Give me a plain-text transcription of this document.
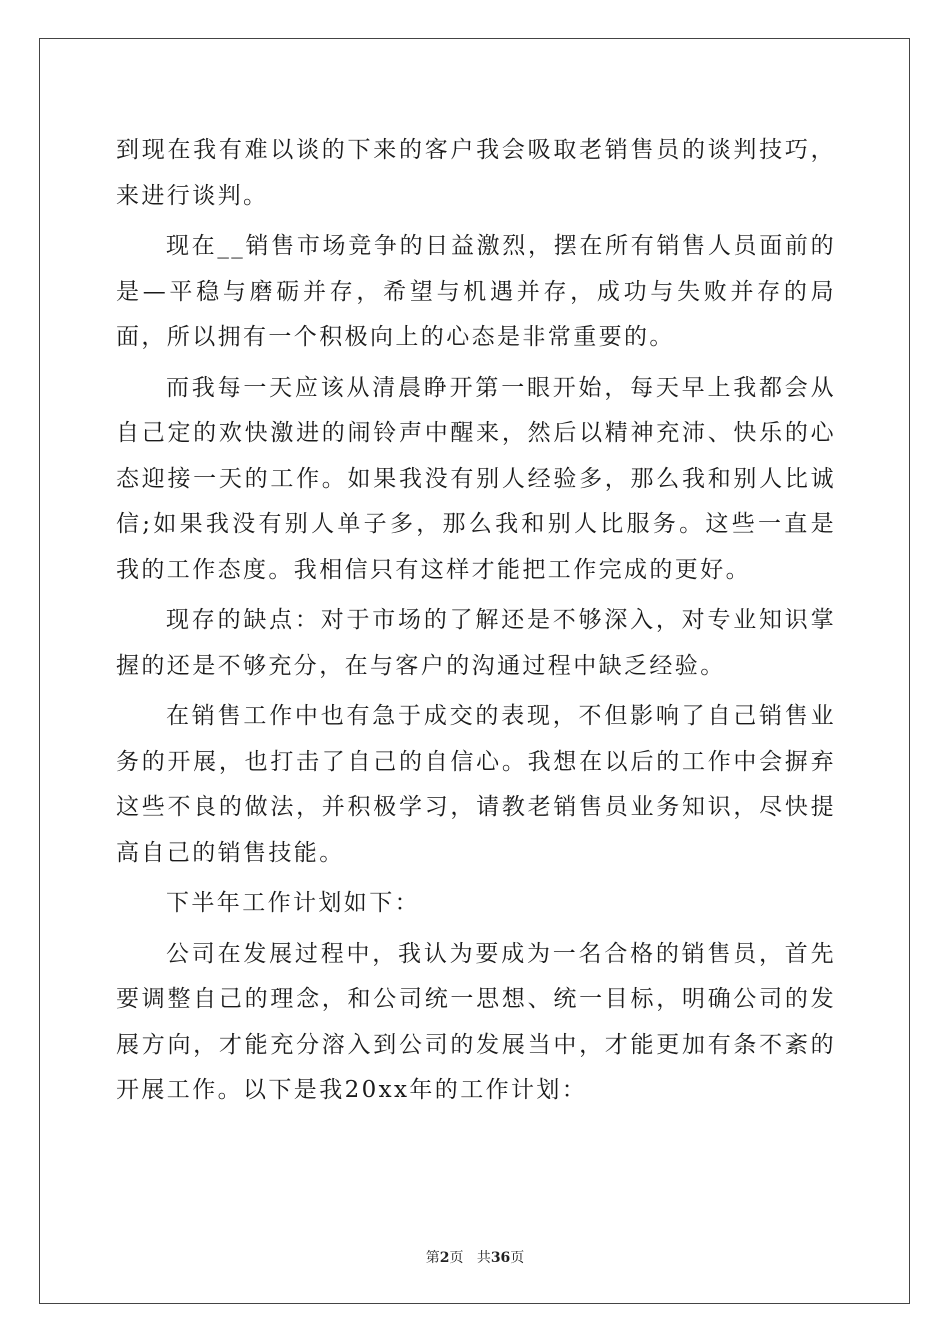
到现在我有难以谈的下来的客户我会吸取老销售员的谈判技巧，来进行谈判。

现在__销售市场竞争的日益激烈，摆在所有销售人员面前的是—平稳与磨砺并存，希望与机遇并存，成功与失败并存的局面，所以拥有一个积极向上的心态是非常重要的。

而我每一天应该从清晨睁开第一眼开始，每天早上我都会从自己定的欢快激进的闹铃声中醒来，然后以精神充沛、快乐的心态迎接一天的工作。如果我没有别人经验多，那么我和别人比诚信;如果我没有别人单子多，那么我和别人比服务。这些一直是我的工作态度。我相信只有这样才能把工作完成的更好。

现存的缺点：对于市场的了解还是不够深入，对专业知识掌握的还是不够充分，在与客户的沟通过程中缺乏经验。

在销售工作中也有急于成交的表现，不但影响了自己销售业务的开展，也打击了自己的自信心。我想在以后的工作中会摒弃这些不良的做法，并积极学习，请教老销售员业务知识，尽快提高自己的销售技能。

下半年工作计划如下：

公司在发展过程中，我认为要成为一名合格的销售员，首先要调整自己的理念，和公司统一思想、统一目标，明确公司的发展方向，才能充分溶入到公司的发展当中，才能更加有条不紊的开展工作。以下是我20xx年的工作计划：

第2页 共36页
